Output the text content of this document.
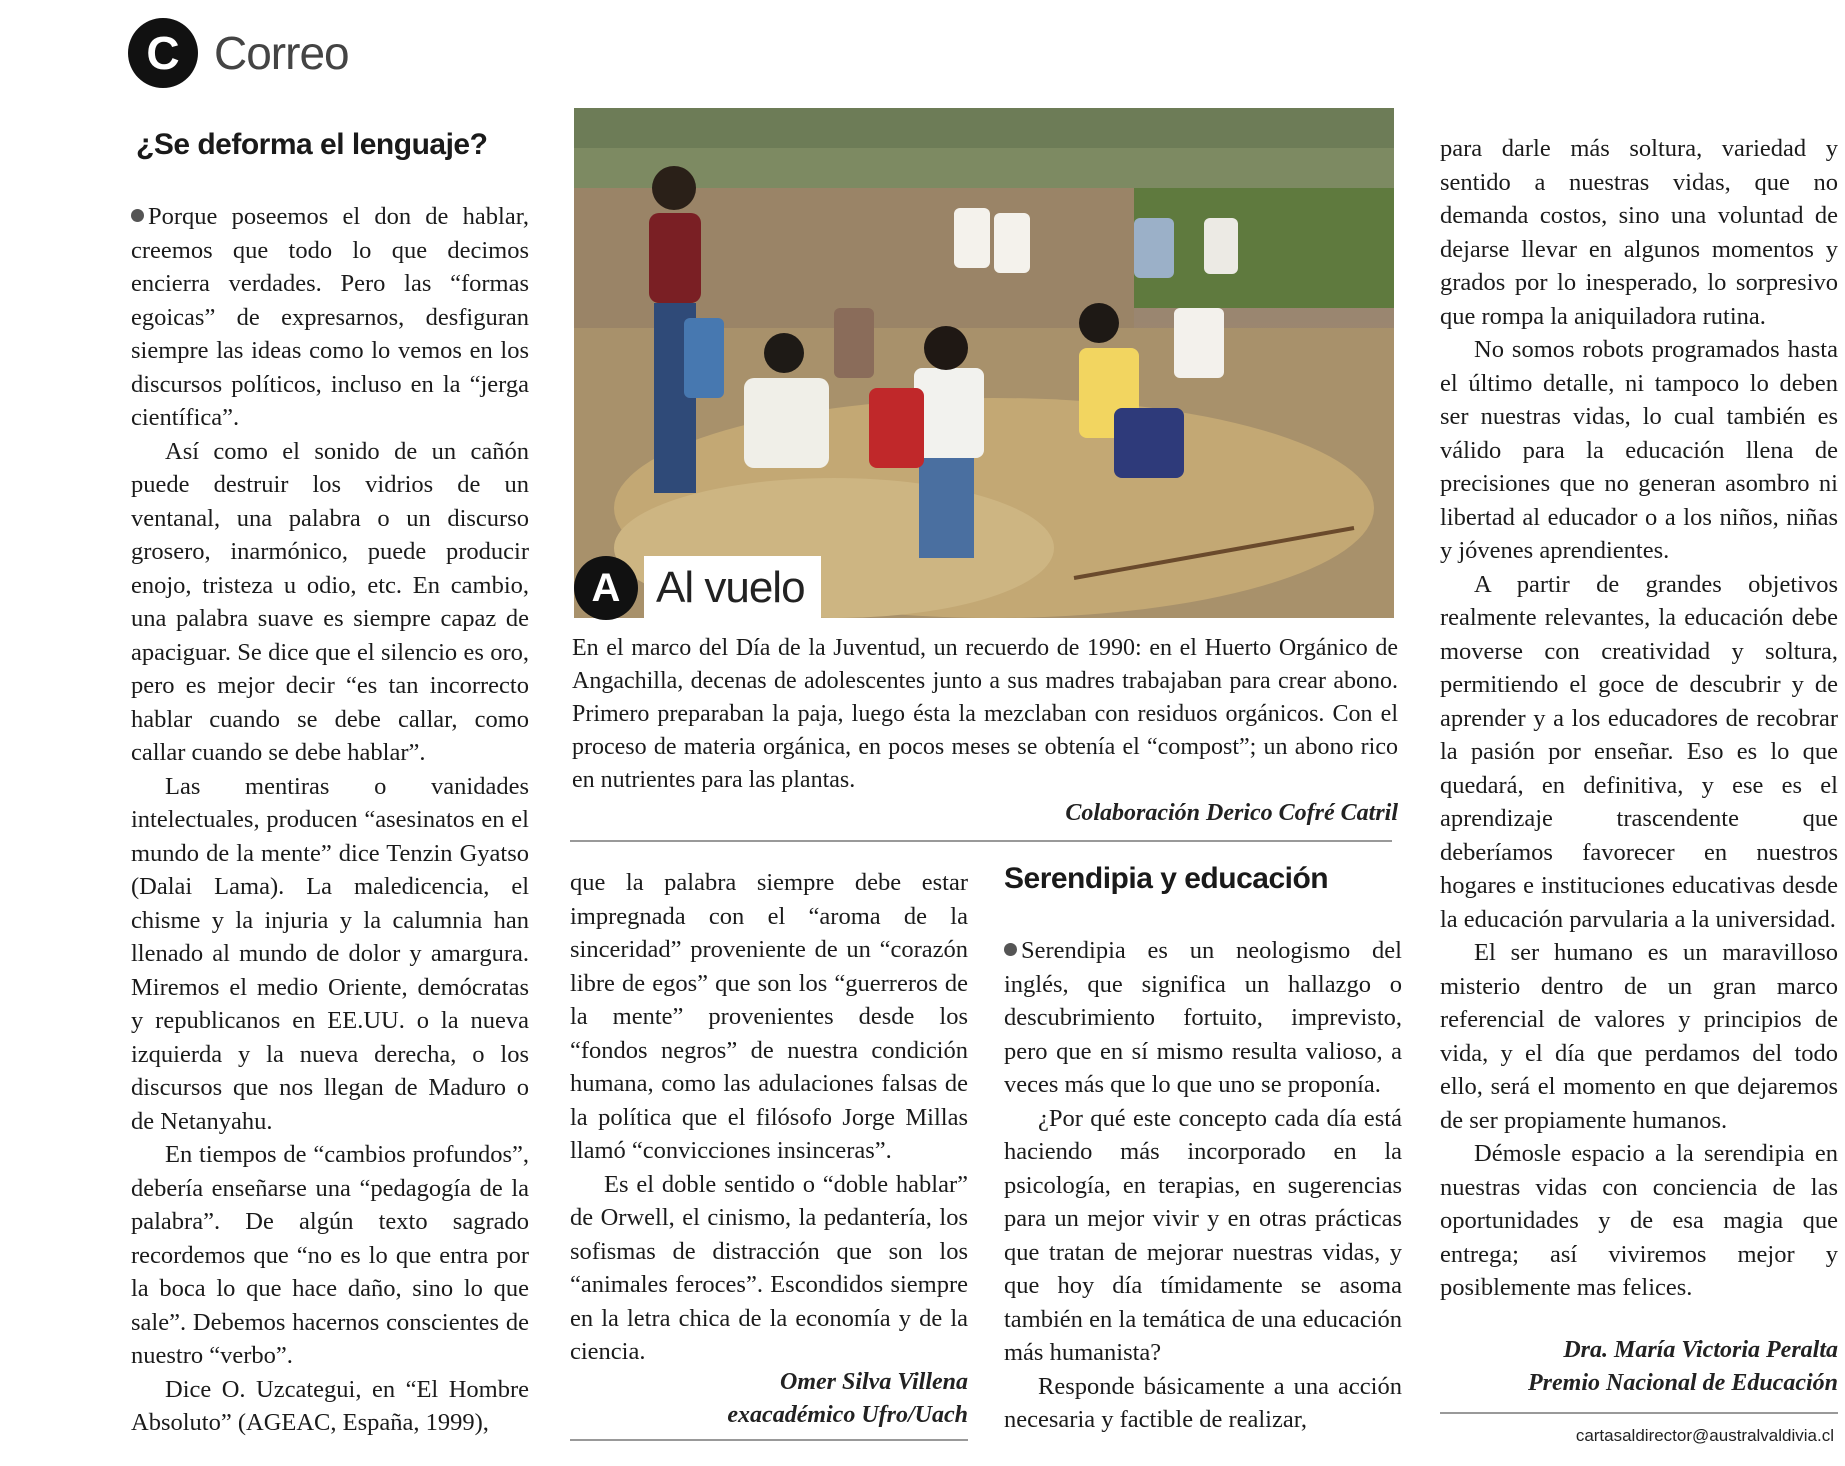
C Correo
¿Se deforma el lenguaje?

Porque poseemos el don de hablar, creemos que todo lo que decimos encierra verdades. Pero las “formas egoicas” de expresarnos, desfiguran siempre las ideas como lo vemos en los discursos políticos, incluso en la “jerga científica”.

Así como el sonido de un cañón puede destruir los vidrios de un ventanal, una palabra o un discurso grosero, inarmónico, puede producir enojo, tristeza u odio, etc. En cambio, una palabra suave es siempre capaz de apaciguar. Se dice que el silencio es oro, pero es mejor decir “es tan incorrecto hablar cuando se debe callar, como callar cuando se debe hablar”.

Las mentiras o vanidades intelectuales, producen “asesinatos en el mundo de la mente” dice Tenzin Gyatso (Dalai Lama). La maledicencia, el chisme y la injuria y la calumnia han llenado al mundo de dolor y amargura. Miremos el medio Oriente, demócratas y republicanos en EE.UU. o la nueva izquierda y la nueva derecha, o los discursos que nos llegan de Maduro o de Netanyahu.

En tiempos de “cambios profundos”, debería enseñarse una “pedagogía de la palabra”. De algún texto sagrado recordemos que “no es lo que entra por la boca lo que hace daño, sino lo que sale”. Debemos hacernos conscientes de nuestro “verbo”.

Dice O. Uzcategui, en “El Hombre Absoluto” (AGEAC, España, 1999),

A Al vuelo
En el marco del Día de la Juventud, un recuerdo de 1990: en el Huerto Orgánico de Angachilla, decenas de adolescentes junto a sus madres trabajaban para crear abono. Primero preparaban la paja, luego ésta la mezclaban con residuos orgánicos. Con el proceso de materia orgánica, en pocos meses se obtenía el “compost”; un abono rico en nutrientes para las plantas.
Colaboración Derico Cofré Catril

que la palabra siempre debe estar impregnada con el “aroma de la sinceridad” proveniente de un “corazón libre de egos” que son los “guerreros de la mente” provenientes desde los “fondos negros” de nuestra condición humana, como las adulaciones falsas de la política que el filósofo Jorge Millas llamó “convicciones insinceras”.

Es el doble sentido o “doble hablar” de Orwell, el cinismo, la pedantería, los sofismas de distracción que son los “animales feroces”. Escondidos siempre en la letra chica de la economía y de la ciencia.

Omer Silva Villena
exacadémico Ufro/Uach
Serendipia y educación

Serendipia es un neologismo del inglés, que significa un hallazgo o descubrimiento fortuito, imprevisto, pero que en sí mismo resulta valioso, a veces más que lo que uno se proponía.

¿Por qué este concepto cada día está haciendo más incorporado en la psicología, en terapias, en sugerencias para un mejor vivir y en otras prácticas que tratan de mejorar nuestras vidas, y que hoy día tímidamente se asoma también en la temática de una educación más humanista?

Responde básicamente a una acción necesaria y factible de realizar,

para darle más soltura, variedad y sentido a nuestras vidas, que no demanda costos, sino una voluntad de dejarse llevar en algunos momentos y grados por lo inesperado, lo sorpresivo que rompa la aniquiladora rutina.

No somos robots programados hasta el último detalle, ni tampoco lo deben ser nuestras vidas, lo cual también es válido para la educación llena de precisiones que no generan asombro ni libertad al educador o a los niños, niñas y jóvenes aprendientes.

A partir de grandes objetivos realmente relevantes, la educación debe moverse con creatividad y soltura, permitiendo el goce de descubrir y de aprender y a los educadores de recobrar la pasión por enseñar. Eso es lo que quedará, en definitiva, y ese es el aprendizaje trascendente que deberíamos favorecer en nuestros hogares e instituciones educativas desde la educación parvularia a la universidad.

El ser humano es un maravilloso misterio dentro de un gran marco referencial de valores y principios de vida, y el día que perdamos del todo ello, será el momento en que dejaremos de ser propiamente humanos.

Démosle espacio a la serendipia en nuestras vidas con conciencia de las oportunidades y de esa magia que entrega; así viviremos mejor y posiblemente mas felices.

Dra. María Victoria Peralta
Premio Nacional de Educación
cartasaldirector@australvaldivia.cl
